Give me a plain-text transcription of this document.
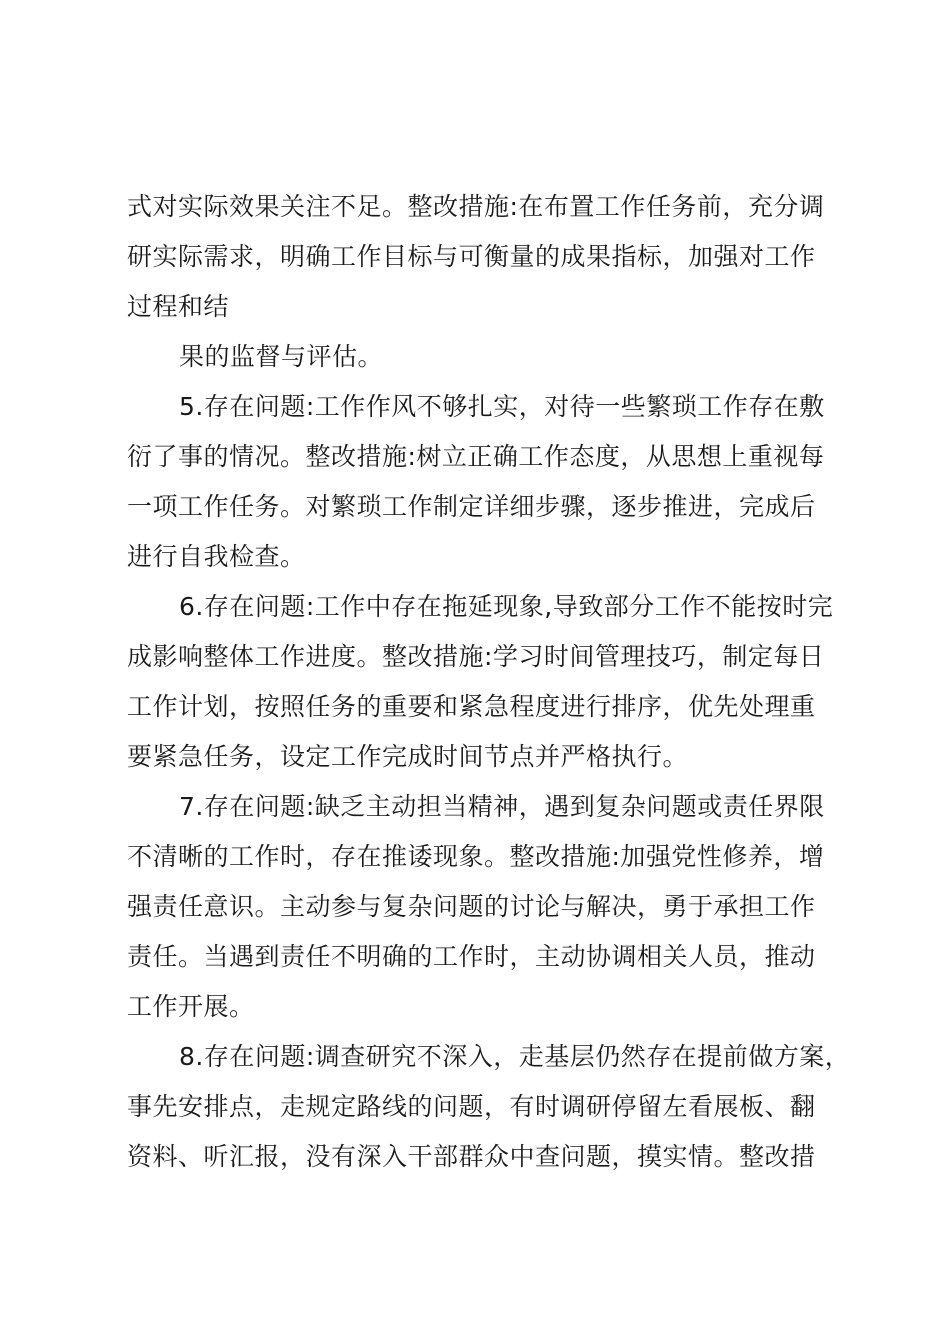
式对实际效果关注不足。整改措施:在布置工作任务前，充分调
研实际需求，明确工作目标与可衡量的成果指标，加强对工作
过程和结
果的监督与评估。
5.存在问题:工作作风不够扎实，对待一些繁琐工作存在敷
衍了事的情况。整改措施:树立正确工作态度，从思想上重视每
一项工作任务。对繁琐工作制定详细步骤，逐步推进，完成后
进行自我检查。
6.存在问题:工作中存在拖延现象,导致部分工作不能按时完
成影响整体工作进度。整改措施:学习时间管理技巧，制定每日
工作计划，按照任务的重要和紧急程度进行排序，优先处理重
要紧急任务，设定工作完成时间节点并严格执行。
7.存在问题:缺乏主动担当精神，遇到复杂问题或责任界限
不清晰的工作时，存在推诿现象。整改措施:加强党性修养，增
强责任意识。主动参与复杂问题的讨论与解决，勇于承担工作
责任。当遇到责任不明确的工作时，主动协调相关人员，推动
工作开展。
8.存在问题:调查研究不深入，走基层仍然存在提前做方案，
事先安排点，走规定路线的问题，有时调研停留左看展板、翻
资料、听汇报，没有深入干部群众中查问题，摸实情。整改措
